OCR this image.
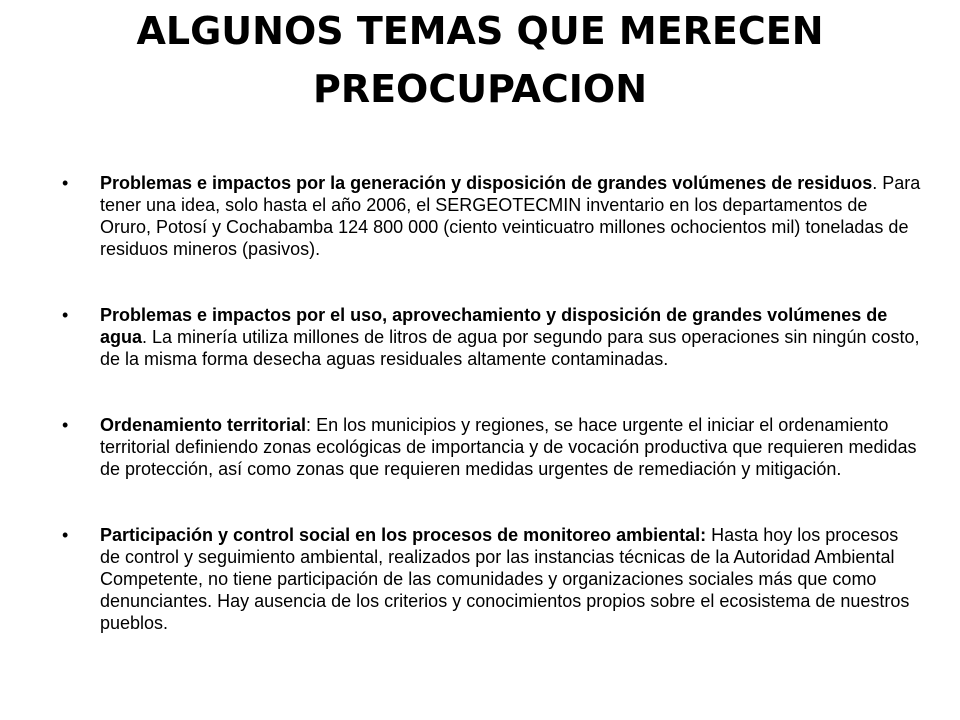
ALGUNOS TEMAS QUE MERECEN
PREOCUPACION
• Problemas e impactos por la generación y disposición de grandes volúmenes de residuos. Para tener una idea, solo hasta el año 2006, el SERGEOTECMIN inventario en los departamentos de Oruro, Potosí y Cochabamba 124 800 000 (ciento veinticuatro millones ochocientos mil) toneladas de residuos mineros (pasivos).
• Problemas e impactos por el uso, aprovechamiento y disposición de grandes volúmenes de agua. La minería utiliza millones de litros de agua por segundo para sus operaciones sin ningún costo, de la misma forma desecha aguas residuales altamente contaminadas.
• Ordenamiento territorial: En los municipios y regiones, se hace urgente el iniciar el ordenamiento territorial definiendo zonas ecológicas de importancia y de vocación productiva que requieren medidas de protección, así como zonas que requieren medidas urgentes de remediación y mitigación.
• Participación y control social en los procesos de monitoreo ambiental: Hasta hoy los procesos de control y seguimiento ambiental, realizados por las instancias técnicas de la Autoridad Ambiental Competente, no tiene participación de las comunidades y organizaciones sociales más que como denunciantes. Hay ausencia de los criterios y conocimientos propios sobre el ecosistema de nuestros pueblos.
